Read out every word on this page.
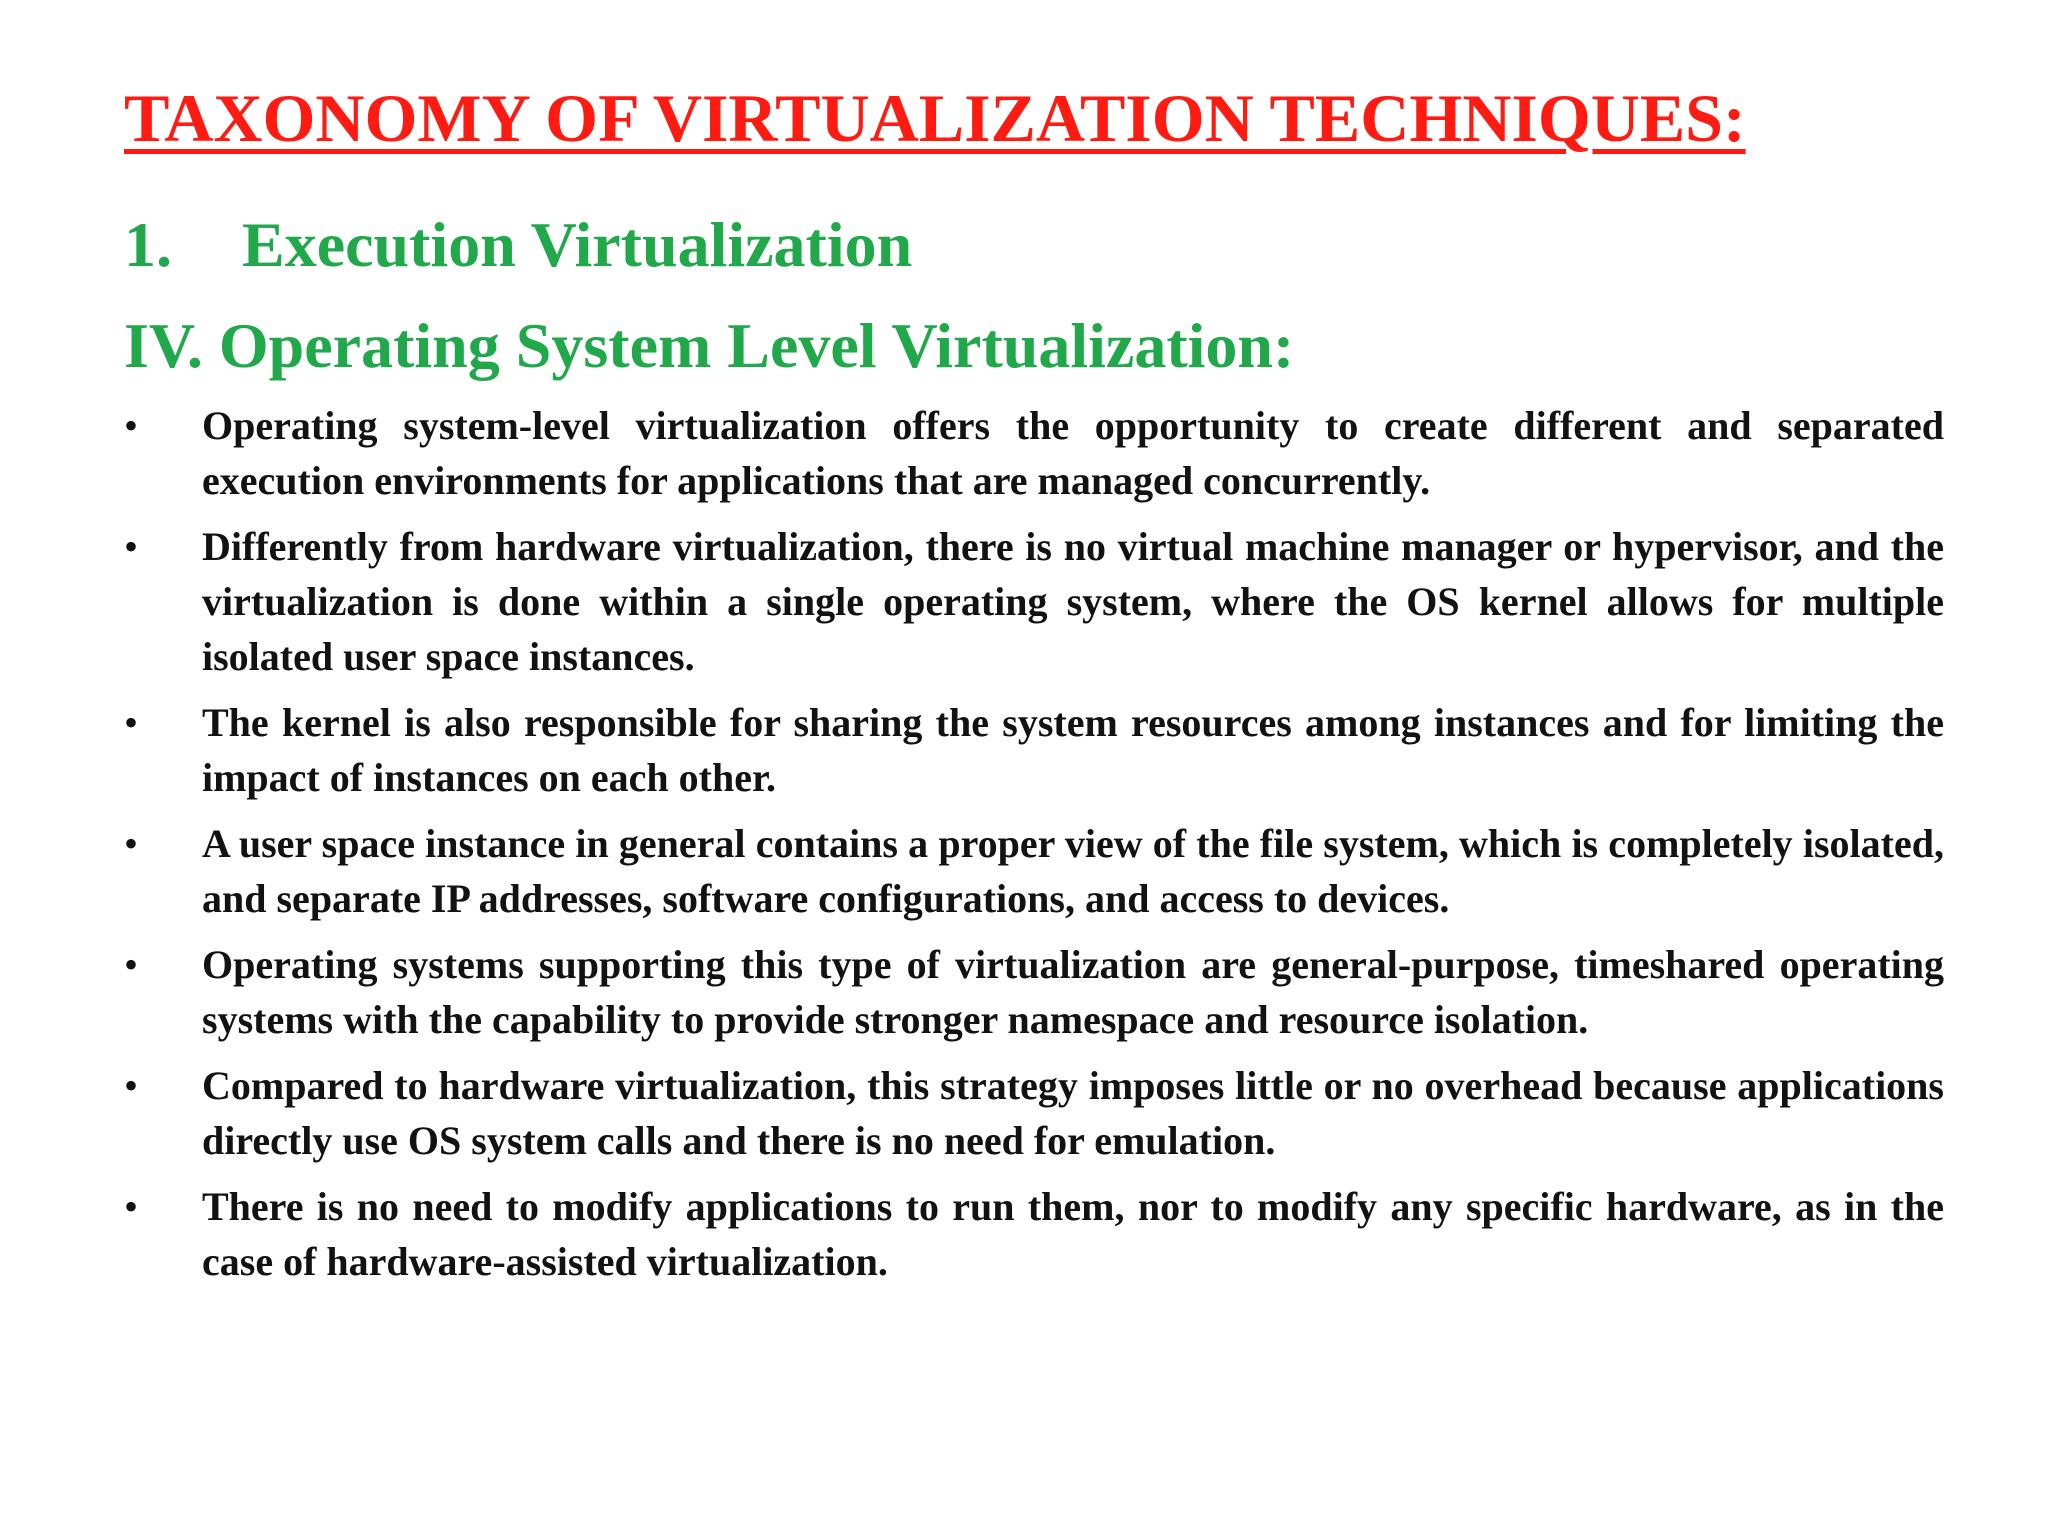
TAXONOMY OF VIRTUALIZATION TECHNIQUES:
1. Execution Virtualization
IV. Operating System Level Virtualization:
•	Operating system-level virtualization offers the opportunity to create different and separated execution environments for applications that are managed concurrently.
•	Differently from hardware virtualization, there is no virtual machine manager or hypervisor, and the virtualization is done within a single operating system, where the OS kernel allows for multiple isolated user space instances.
•	The kernel is also responsible for sharing the system resources among instances and for limiting the impact of instances on each other.
•	A user space instance in general contains a proper view of the file system, which is completely isolated, and separate IP addresses, software configurations, and access to devices.
•	Operating systems supporting this type of virtualization are general-purpose, timeshared operating systems with the capability to provide stronger namespace and resource isolation.
•	Compared to hardware virtualization, this strategy imposes little or no overhead because applications directly use OS system calls and there is no need for emulation.
•	There is no need to modify applications to run them, nor to modify any specific hardware, as in the case of hardware-assisted virtualization.
